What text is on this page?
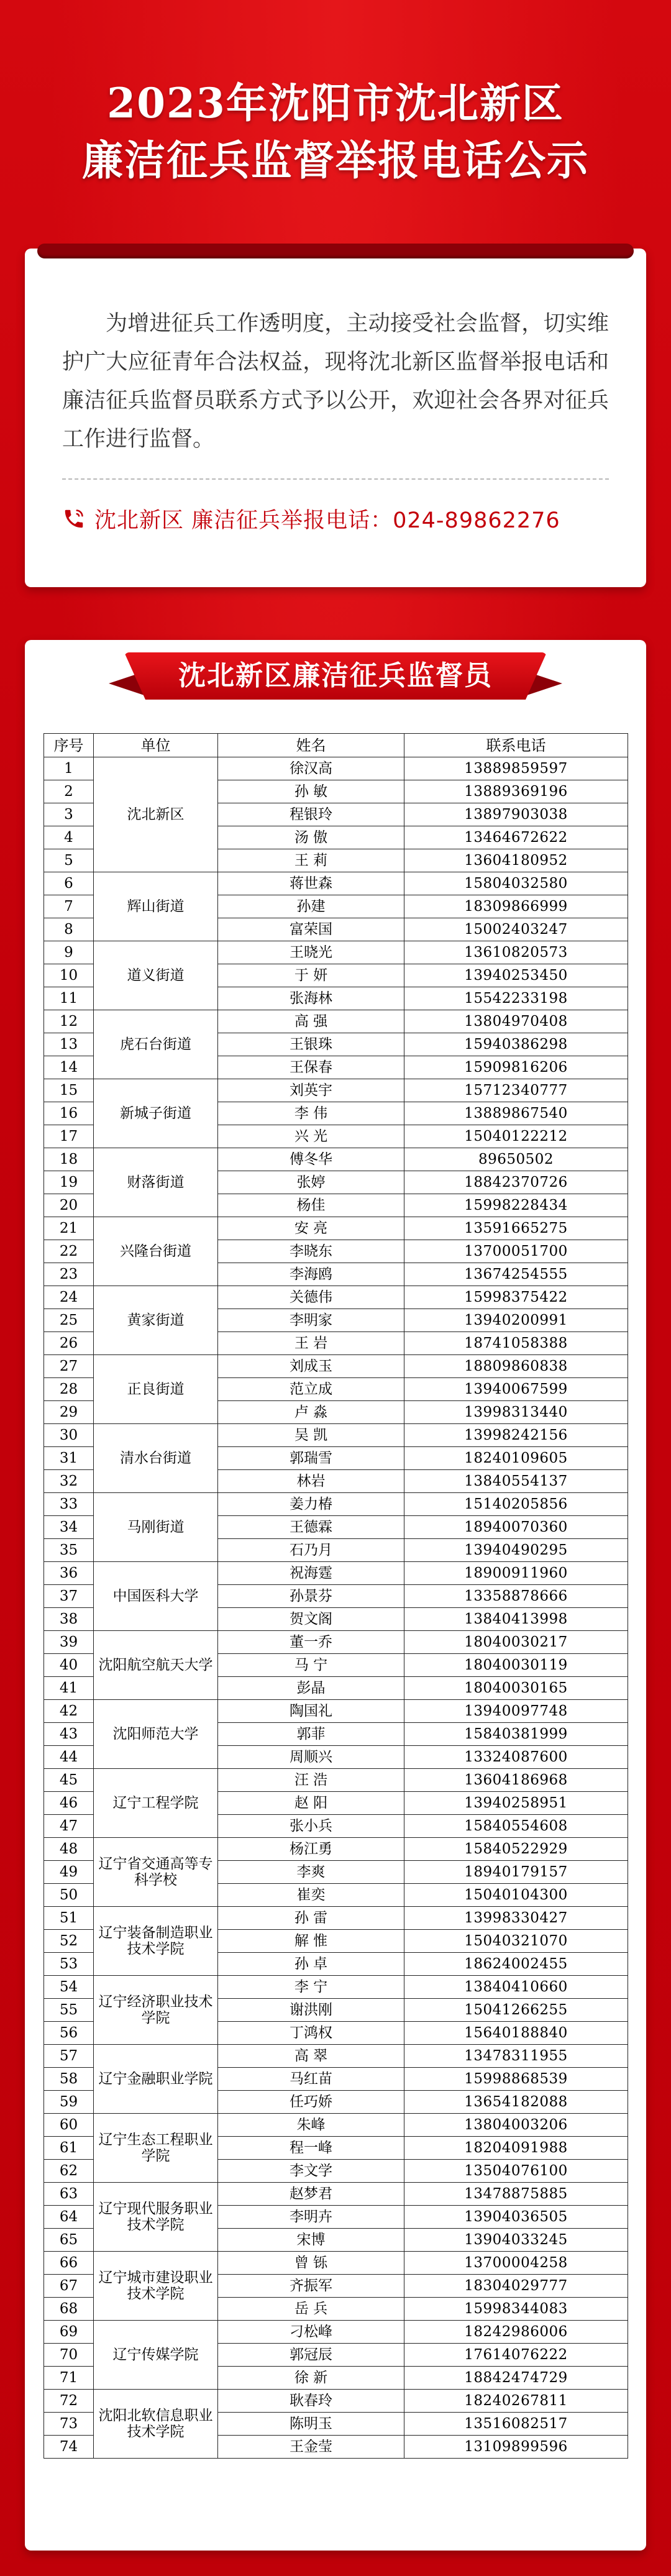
2023年沈阳市沈北新区
廉洁征兵监督举报电话公示

为增进征兵工作透明度，主动接受社会监督，切实维护广大应征青年合法权益，现将沈北新区监督举报电话和廉洁征兵监督员联系方式予以公开，欢迎社会各界对征兵工作进行监督。

沈北新区 廉洁征兵举报电话：024-89862276
沈北新区廉洁征兵监督员
序号	单位	姓名	联系电话
1	沈北新区	徐汉高	13889859597
2		孙 敏	13889369196
3		程银玲	13897903038
4		汤 傲	13464672622
5		王 莉	13604180952
6	辉山街道	蒋世森	15804032580
7		孙建	18309866999
8		富荣国	15002403247
9	道义街道	王晓光	13610820573
10		于 妍	13940253450
11		张海林	15542233198
12	虎石台街道	高 强	13804970408
13		王银珠	15940386298
14		王保春	15909816206
15	新城子街道	刘英宇	15712340777
16		李 伟	13889867540
17		兴 光	15040122212
18	财落街道	傅冬华	89650502
19		张婷	18842370726
20		杨佳	15998228434
21	兴隆台街道	安 亮	13591665275
22		李晓东	13700051700
23		李海鸥	13674254555
24	黄家街道	关德伟	15998375422
25		李明家	13940200991
26		王 岩	18741058388
27	正良街道	刘成玉	18809860838
28		范立成	13940067599
29		卢 淼	13998313440
30	清水台街道	吴 凯	13998242156
31		郭瑞雪	18240109605
32		林岩	13840554137
33	马刚街道	姜力椿	15140205856
34		王德霖	18940070360
35		石乃月	13940490295
36	中国医科大学	祝海霆	18900911960
37		孙景芬	13358878666
38		贺文阁	13840413998
39	沈阳航空航天大学	董一乔	18040030217
40		马 宁	18040030119
41		彭晶	18040030165
42	沈阳师范大学	陶国礼	13940097748
43		郭菲	15840381999
44		周顺兴	13324087600
45	辽宁工程学院	汪 浩	13604186968
46		赵 阳	13940258951
47		张小兵	15840554608
48	辽宁省交通高等专科学校	杨江勇	15840522929
49		李爽	18940179157
50		崔奕	15040104300
51	辽宁装备制造职业技术学院	孙 雷	13998330427
52		解 惟	15040321070
53		孙 卓	18624002455
54	辽宁经济职业技术学院	李 宁	13840410660
55		谢洪刚	15041266255
56		丁鸿权	15640188840
57	辽宁金融职业学院	高 翠	13478311955
58		马红苗	15998868539
59		任巧娇	13654182088
60	辽宁生态工程职业学院	朱峰	13804003206
61		程一峰	18204091988
62		李文学	13504076100
63	辽宁现代服务职业技术学院	赵梦君	13478875885
64		李明卉	13904036505
65		宋博	13904033245
66	辽宁城市建设职业技术学院	曾 铄	13700004258
67		齐振军	18304029777
68		岳 兵	15998344083
69	辽宁传媒学院	刁松峰	18242986006
70		郭冠辰	17614076222
71		徐 新	18842474729
72	沈阳北软信息职业技术学院	耿春玲	18240267811
73		陈明玉	13516082517
74		王金莹	13109899596
